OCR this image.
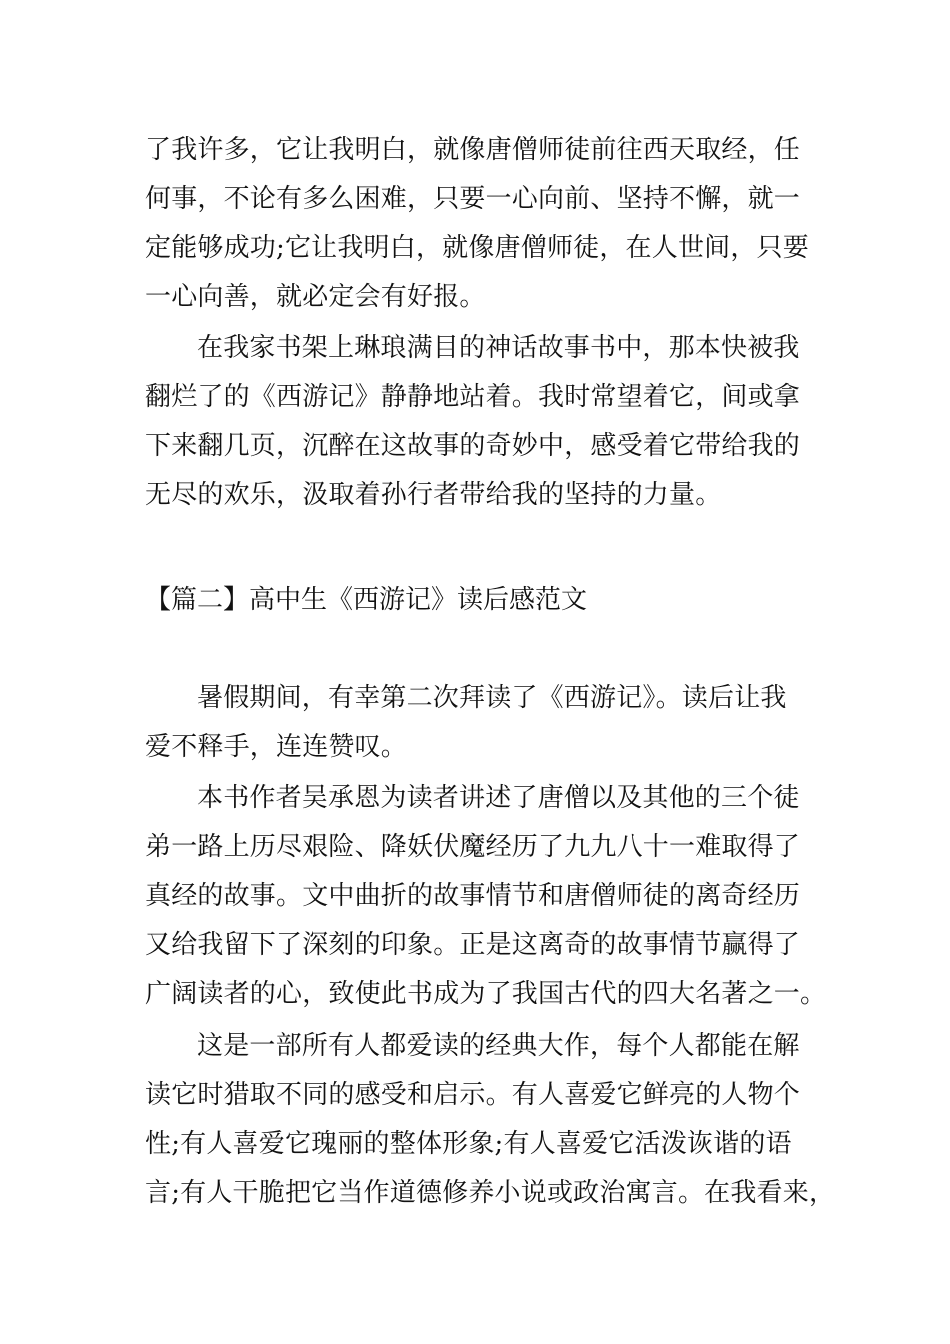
了我许多，它让我明白，就像唐僧师徒前往西天取经，任
何事，不论有多么困难，只要一心向前、坚持不懈，就一
定能够成功;它让我明白，就像唐僧师徒，在人世间，只要
一心向善，就必定会有好报。
在我家书架上琳琅满目的神话故事书中，那本快被我
翻烂了的《西游记》静静地站着。我时常望着它，间或拿
下来翻几页，沉醉在这故事的奇妙中，感受着它带给我的
无尽的欢乐，汲取着孙行者带给我的坚持的力量。
【篇二】高中生《西游记》读后感范文
暑假期间，有幸第二次拜读了《西游记》。读后让我
爱不释手，连连赞叹。
本书作者吴承恩为读者讲述了唐僧以及其他的三个徒
弟一路上历尽艰险、降妖伏魔经历了九九八十一难取得了
真经的故事。文中曲折的故事情节和唐僧师徒的离奇经历
又给我留下了深刻的印象。正是这离奇的故事情节赢得了
广阔读者的心，致使此书成为了我国古代的四大名著之一。
这是一部所有人都爱读的经典大作，每个人都能在解
读它时猎取不同的感受和启示。有人喜爱它鲜亮的人物个
性;有人喜爱它瑰丽的整体形象;有人喜爱它活泼诙谐的语
言;有人干脆把它当作道德修养小说或政治寓言。在我看来，
